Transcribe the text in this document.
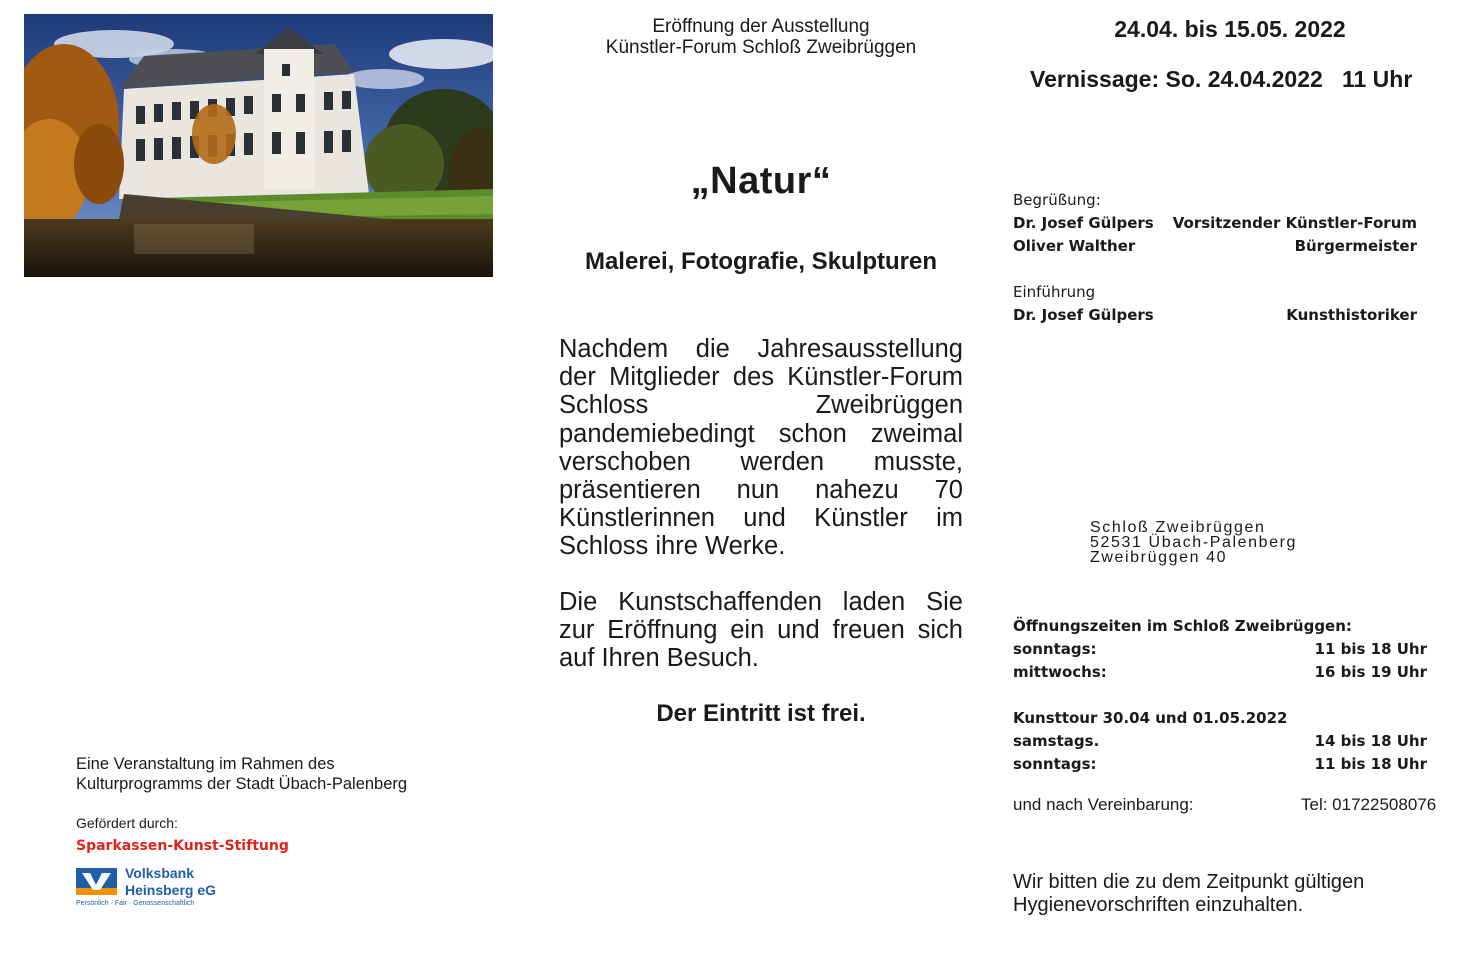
Eröffnung der Ausstellung
Künstler-Forum Schloß Zweibrüggen
„Natur“
Malerei, Fotografie, Skulpturen
Nachdem die Jahresausstellung der Mitglieder des Künstler-Forum Schloss Zweibrüggen pandemiebedingt schon zweimal verschoben werden musste, präsentieren nun nahezu 70 Künstlerinnen und Künstler im Schloss ihre Werke.
Die Kunstschaffenden laden Sie zur Eröffnung ein und freuen sich auf Ihren Besuch.
Der Eintritt ist frei.
24.04. bis 15.05. 2022
Vernissage: So. 24.04.2022   11 Uhr
Begrüßung:
Dr. Josef Gülpers Vorsitzender Künstler-Forum
Oliver Walther	Bürgermeister
Einführung
Dr. Josef Gülpers	Kunsthistoriker
Schloß Zweibrüggen
52531 Übach-Palenberg
Zweibrüggen 40
Öffnungszeiten im Schloß Zweibrüggen:
sonntags:	11 bis 18 Uhr
mittwochs:	16 bis 19 Uhr
Kunsttour 30.04 und 01.05.2022
samstags.	14 bis 18 Uhr
sonntags:	11 bis 18 Uhr
und nach Vereinbarung:	Tel: 01722508076
Wir bitten die zu dem Zeitpunkt gültigen
Hygienevorschriften einzuhalten.
Eine Veranstaltung im Rahmen des
Kulturprogramms der Stadt Übach-Palenberg
Gefördert durch:
Sparkassen-Kunst-Stiftung
Volksbank
Heinsberg eG
Persönlich · Fair · Genossenschaftlich
